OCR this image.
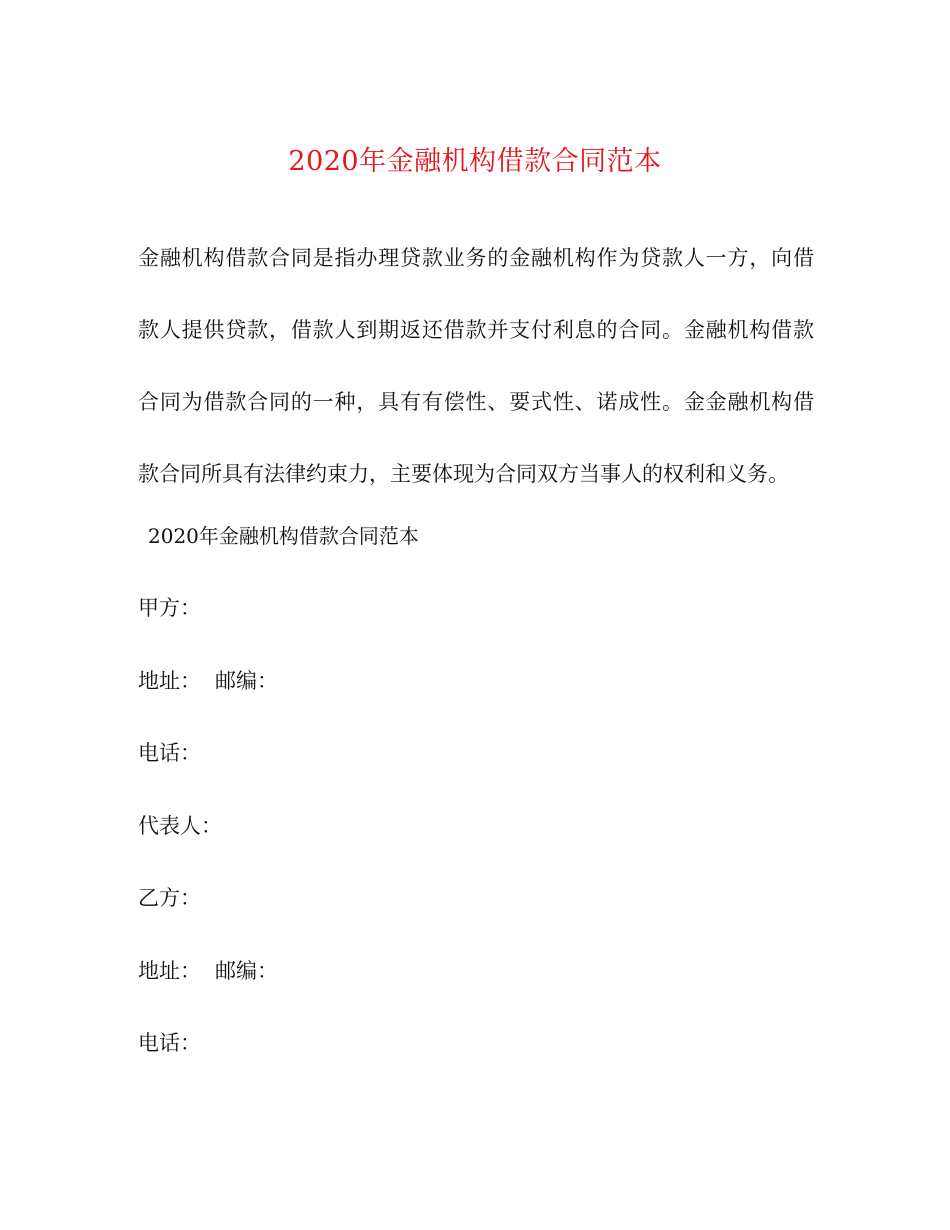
2020年金融机构借款合同范本
金融机构借款合同是指办理贷款业务的金融机构作为贷款人一方，向借
款人提供贷款，借款人到期返还借款并支付利息的合同。金融机构借款
合同为借款合同的一种，具有有偿性、要式性、诺成性。金金融机构借
款合同所具有法律约束力，主要体现为合同双方当事人的权利和义务。
2020年金融机构借款合同范本
甲方：
地址： 邮编：
电话：
代表人：
乙方：
地址： 邮编：
电话：
